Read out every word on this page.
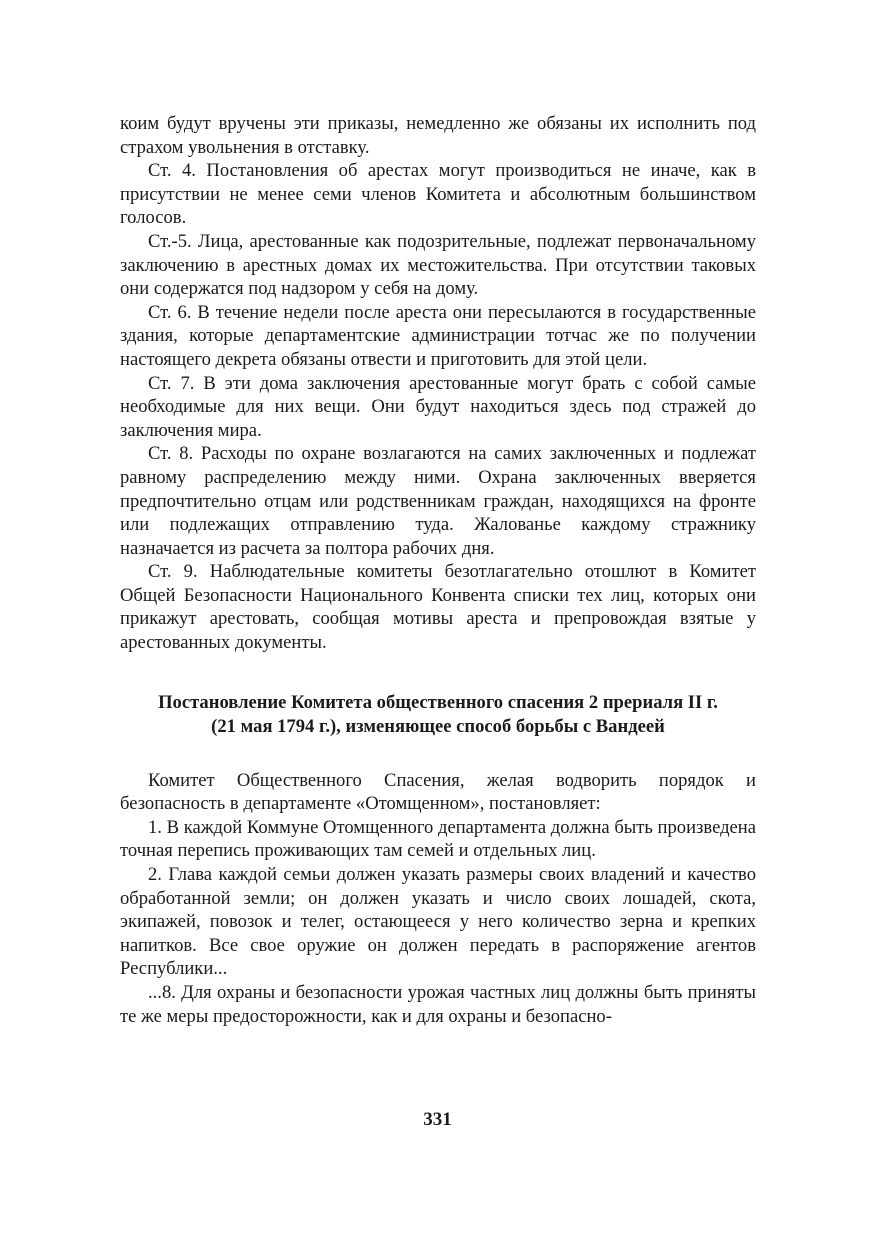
коим будут вручены эти приказы, немедленно же обязаны их исполнить под страхом увольнения в отставку.

Ст. 4. Постановления об арестах могут производиться не иначе, как в присутствии не менее семи членов Комитета и абсолютным большинством голосов.

Ст.-5. Лица, арестованные как подозрительные, подлежат первоначальному заключению в арестных домах их местожительства. При отсутствии таковых они содержатся под надзором у себя на дому.

Ст. 6. В течение недели после ареста они пересылаются в государственные здания, которые департаментские администрации тотчас же по получении настоящего декрета обязаны отвести и приготовить для этой цели.

Ст. 7. В эти дома заключения арестованные могут брать с собой самые необходимые для них вещи. Они будут находиться здесь под стражей до заключения мира.

Ст. 8. Расходы по охране возлагаются на самих заключенных и подлежат равному распределению между ними. Охрана заключенных вверяется предпочтительно отцам или родственникам граждан, находящихся на фронте или подлежащих отправлению туда. Жалованье каждому стражнику назначается из расчета за полтора рабочих дня.

Ст. 9. Наблюдательные комитеты безотлагательно отошлют в Комитет Общей Безопасности Национального Конвента списки тех лиц, которых они прикажут арестовать, сообщая мотивы ареста и препровождая взятые у арестованных документы.

Постановление Комитета общественного спасения 2 прериаля II г.
(21 мая 1794 г.), изменяющее способ борьбы с Вандеей

Комитет Общественного Спасения, желая водворить порядок и безопасность в департаменте «Отомщенном», постановляет:

1. В каждой Коммуне Отомщенного департамента должна быть произведена точная перепись проживающих там семей и отдельных лиц.

2. Глава каждой семьи должен указать размеры своих владений и качество обработанной земли; он должен указать и число своих лошадей, скота, экипажей, повозок и телег, остающееся у него количество зерна и крепких напитков. Все свое оружие он должен передать в распоряжение агентов Республики...

...8. Для охраны и безопасности урожая частных лиц должны быть приняты те же меры предосторожности, как и для охраны и безопасно-

331
